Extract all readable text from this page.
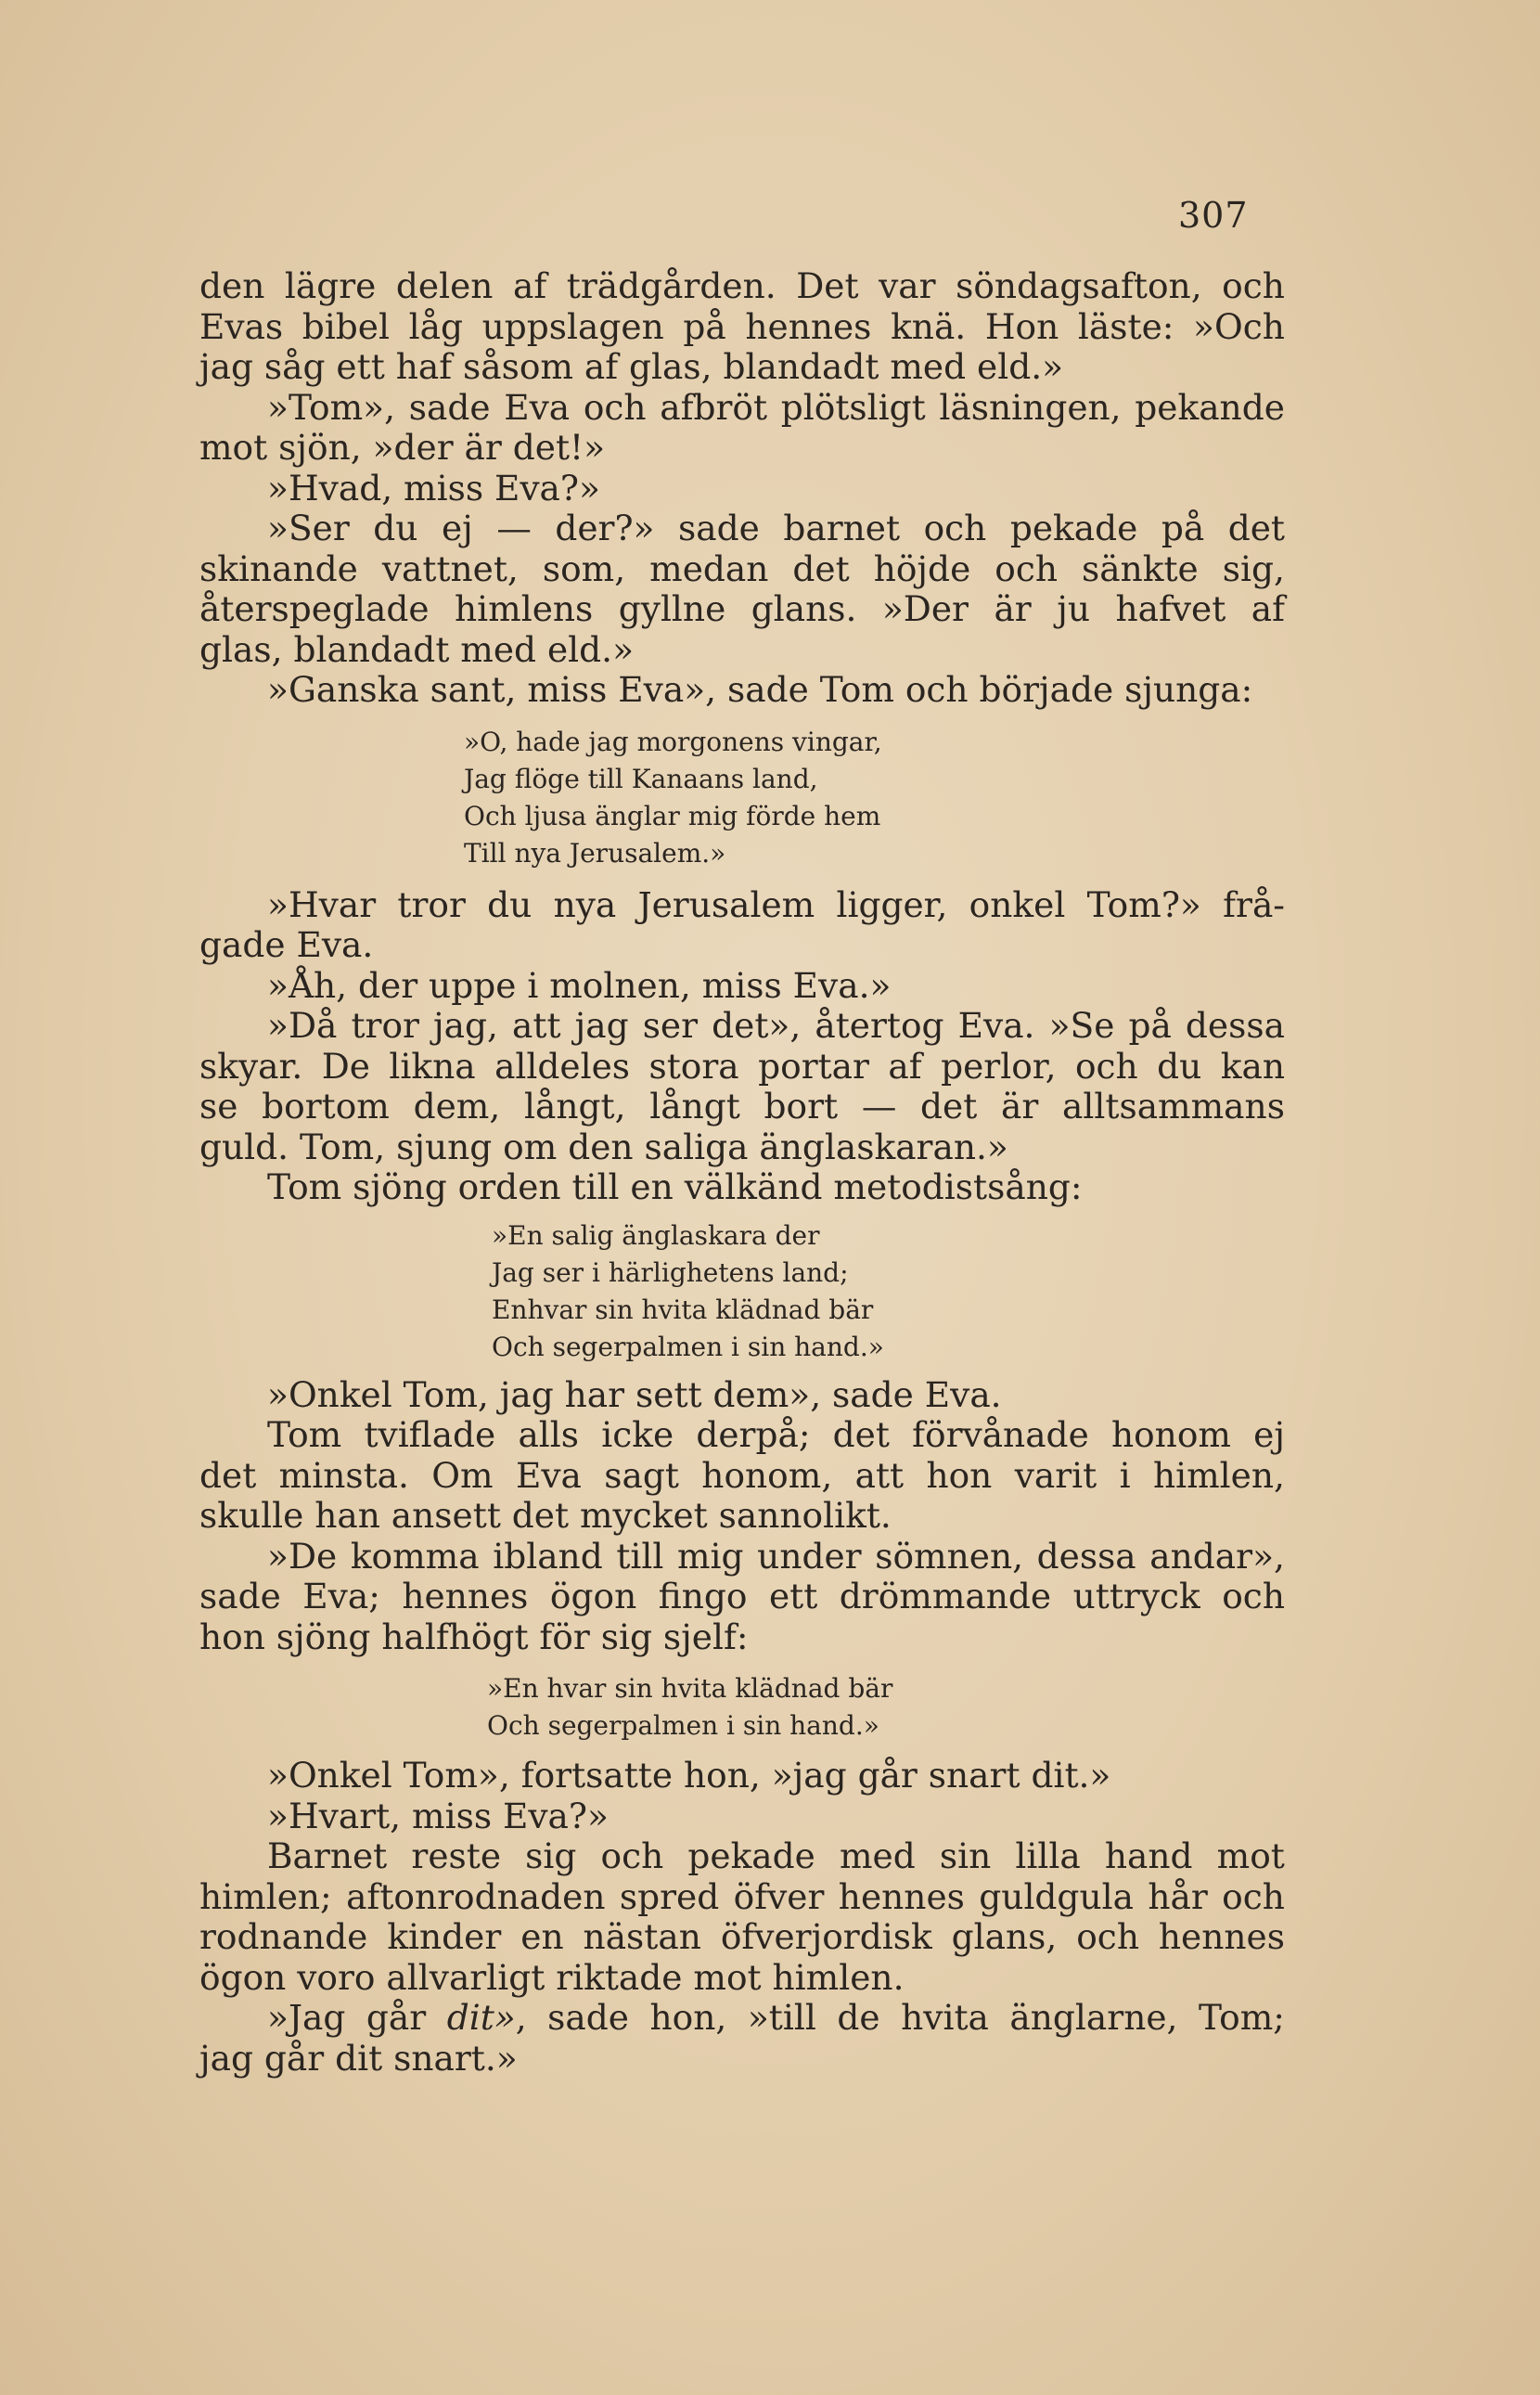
307
den lägre delen af trädgården. Det var söndagsafton, och
Evas bibel låg uppslagen på hennes knä. Hon läste: »Och
jag såg ett haf såsom af glas, blandadt med eld.»
»Tom», sade Eva och afbröt plötsligt läsningen, pekande
mot sjön, »der är det!»
»Hvad, miss Eva?»
»Ser du ej — der?» sade barnet och pekade på det
skinande vattnet, som, medan det höjde och sänkte sig,
återspeglade himlens gyllne glans. »Der är ju hafvet af
glas, blandadt med eld.»
»Ganska sant, miss Eva», sade Tom och började sjunga:
»O, hade jag morgonens vingar,
Jag flöge till Kanaans land,
Och ljusa änglar mig förde hem
Till nya Jerusalem.»
»Hvar tror du nya Jerusalem ligger, onkel Tom?» frå-
gade Eva.
»Åh, der uppe i molnen, miss Eva.»
»Då tror jag, att jag ser det», återtog Eva. »Se på dessa
skyar. De likna alldeles stora portar af perlor, och du kan
se bortom dem, långt, långt bort — det är alltsammans
guld. Tom, sjung om den saliga änglaskaran.»
Tom sjöng orden till en välkänd metodistsång:
»En salig änglaskara der
Jag ser i härlighetens land;
Enhvar sin hvita klädnad bär
Och segerpalmen i sin hand.»
»Onkel Tom, jag har sett dem», sade Eva.
Tom tviflade alls icke derpå; det förvånade honom ej
det minsta. Om Eva sagt honom, att hon varit i himlen,
skulle han ansett det mycket sannolikt.
»De komma ibland till mig under sömnen, dessa andar»,
sade Eva; hennes ögon fingo ett drömmande uttryck och
hon sjöng halfhögt för sig sjelf:
»En hvar sin hvita klädnad bär
Och segerpalmen i sin hand.»
»Onkel Tom», fortsatte hon, »jag går snart dit.»
»Hvart, miss Eva?»
Barnet reste sig och pekade med sin lilla hand mot
himlen; aftonrodnaden spred öfver hennes guldgula hår och
rodnande kinder en nästan öfverjordisk glans, och hennes
ögon voro allvarligt riktade mot himlen.
»Jag går dit», sade hon, »till de hvita änglarne, Tom;
jag går dit snart.»
